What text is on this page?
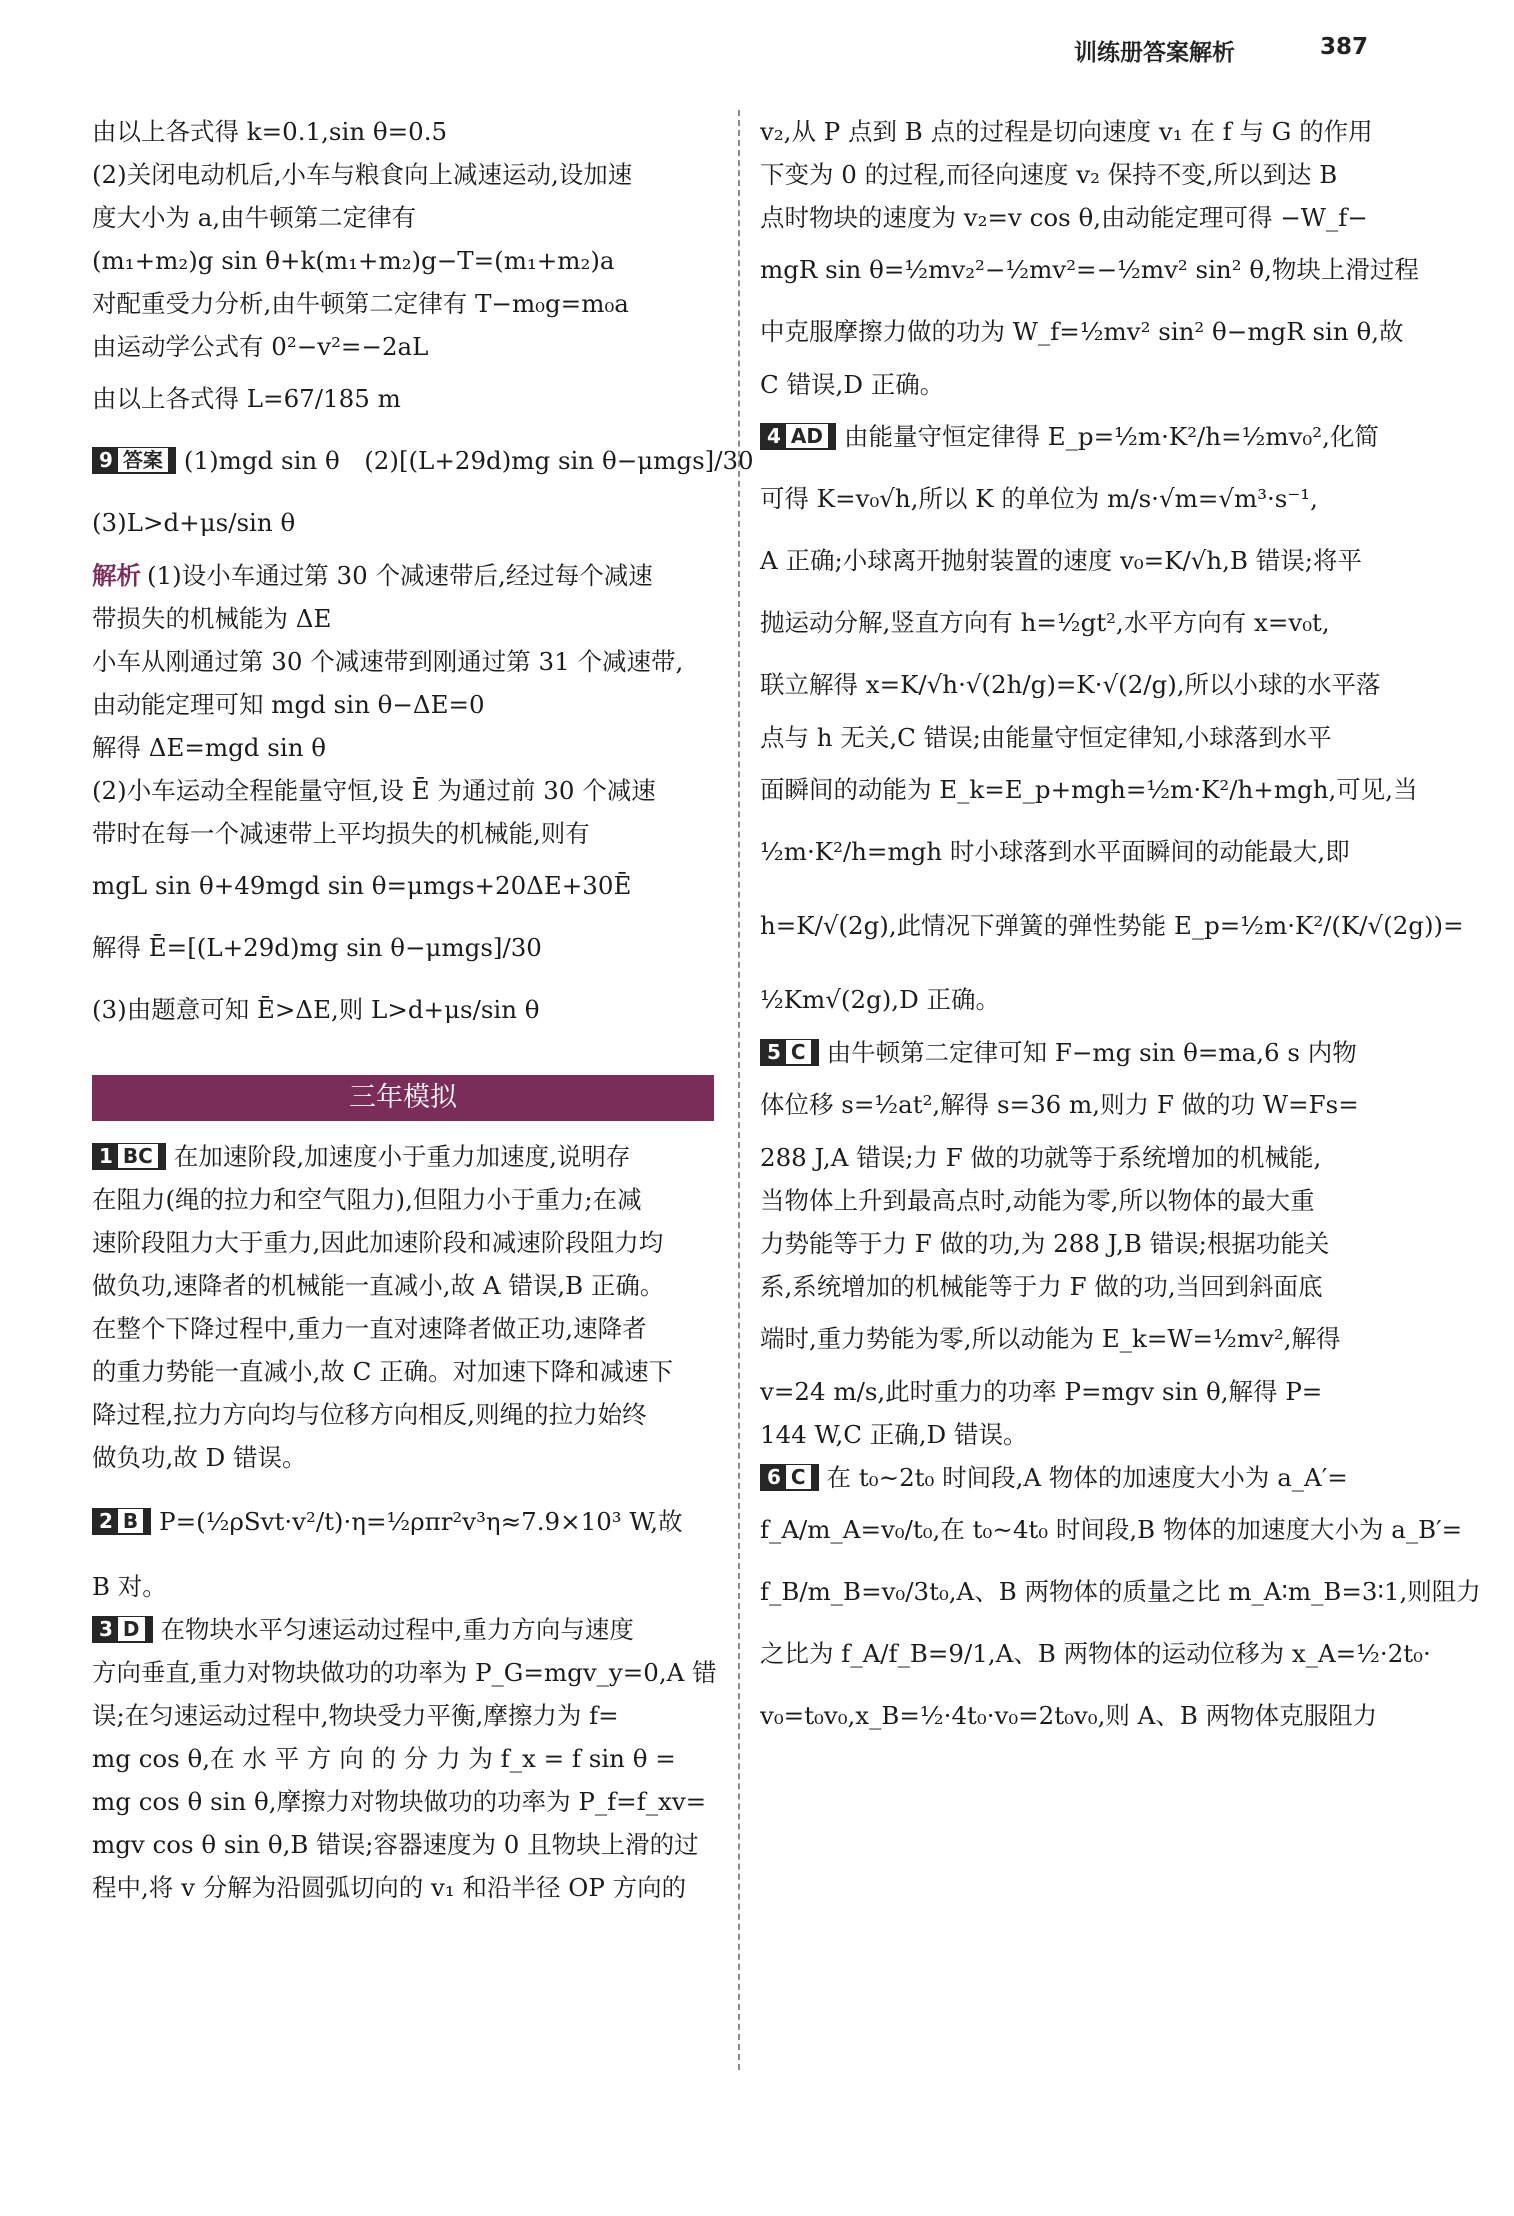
训练册答案解析	387
由以上各式得 k=0.1,sin θ=0.5
(2)关闭电动机后,小车与粮食向上减速运动,设加速
度大小为 a,由牛顿第二定律有
(m₁+m₂)g sin θ+k(m₁+m₂)g−T=(m₁+m₂)a
对配重受力分析,由牛顿第二定律有 T−m₀g=m₀a
由运动学公式有 0²−v²=−2aL
由以上各式得 L=67/185 m
9 答案 (1)mgd sin θ　(2)[(L+29d)mg sin θ−μmgs]/30
(3)L>d+μs/sin θ
解析 (1)设小车通过第 30 个减速带后,经过每个减速
带损失的机械能为 ΔE
小车从刚通过第 30 个减速带到刚通过第 31 个减速带,
由动能定理可知 mgd sin θ−ΔE=0
解得 ΔE=mgd sin θ
(2)小车运动全程能量守恒,设 Ē 为通过前 30 个减速
带时在每一个减速带上平均损失的机械能,则有
mgL sin θ+49mgd sin θ=μmgs+20ΔE+30Ē
解得 Ē=[(L+29d)mg sin θ−μmgs]/30
(3)由题意可知 Ē>ΔE,则 L>d+μs/sin θ
三年模拟
1 BC 在加速阶段,加速度小于重力加速度,说明存
在阻力(绳的拉力和空气阻力),但阻力小于重力;在减
速阶段阻力大于重力,因此加速阶段和减速阶段阻力均
做负功,速降者的机械能一直减小,故 A 错误,B 正确。
在整个下降过程中,重力一直对速降者做正功,速降者
的重力势能一直减小,故 C 正确。对加速下降和减速下
降过程,拉力方向均与位移方向相反,则绳的拉力始终
做负功,故 D 错误。
2 B P=(½ρSvt·v²/t)·η=½ρπr²v³η≈7.9×10³ W,故
B 对。
3 D 在物块水平匀速运动过程中,重力方向与速度
方向垂直,重力对物块做功的功率为 P_G=mgv_y=0,A 错
误;在匀速运动过程中,物块受力平衡,摩擦力为 f=
mg cos θ,在 水 平 方 向 的 分 力 为 f_x = f sin θ =
mg cos θ sin θ,摩擦力对物块做功的功率为 P_f=f_xv=
mgv cos θ sin θ,B 错误;容器速度为 0 且物块上滑的过
程中,将 v 分解为沿圆弧切向的 v₁ 和沿半径 OP 方向的
v₂,从 P 点到 B 点的过程是切向速度 v₁ 在 f 与 G 的作用
下变为 0 的过程,而径向速度 v₂ 保持不变,所以到达 B
点时物块的速度为 v₂=v cos θ,由动能定理可得 −W_f−
mgR sin θ=½mv₂²−½mv²=−½mv² sin² θ,物块上滑过程
中克服摩擦力做的功为 W_f=½mv² sin² θ−mgR sin θ,故
C 错误,D 正确。
4 AD 由能量守恒定律得 E_p=½m·K²/h=½mv₀²,化简
可得 K=v₀√h,所以 K 的单位为 m/s·√m=√m³·s⁻¹,
A 正确;小球离开抛射装置的速度 v₀=K/√h,B 错误;将平
抛运动分解,竖直方向有 h=½gt²,水平方向有 x=v₀t,
联立解得 x=K/√h·√(2h/g)=K·√(2/g),所以小球的水平落
点与 h 无关,C 错误;由能量守恒定律知,小球落到水平
面瞬间的动能为 E_k=E_p+mgh=½m·K²/h+mgh,可见,当
½m·K²/h=mgh 时小球落到水平面瞬间的动能最大,即
h=K/√(2g),此情况下弹簧的弹性势能 E_p=½m·K²/(K/√(2g))=
½Km√(2g),D 正确。
5 C 由牛顿第二定律可知 F−mg sin θ=ma,6 s 内物
体位移 s=½at²,解得 s=36 m,则力 F 做的功 W=Fs=
288 J,A 错误;力 F 做的功就等于系统增加的机械能,
当物体上升到最高点时,动能为零,所以物体的最大重
力势能等于力 F 做的功,为 288 J,B 错误;根据功能关
系,系统增加的机械能等于力 F 做的功,当回到斜面底
端时,重力势能为零,所以动能为 E_k=W=½mv²,解得
v=24 m/s,此时重力的功率 P=mgv sin θ,解得 P=
144 W,C 正确,D 错误。
6 C 在 t₀~2t₀ 时间段,A 物体的加速度大小为 a_A′=
f_A/m_A=v₀/t₀,在 t₀~4t₀ 时间段,B 物体的加速度大小为 a_B′=
f_B/m_B=v₀/3t₀,A、B 两物体的质量之比 m_A∶m_B=3∶1,则阻力
之比为 f_A/f_B=9/1,A、B 两物体的运动位移为 x_A=½·2t₀·
v₀=t₀v₀,x_B=½·4t₀·v₀=2t₀v₀,则 A、B 两物体克服阻力
